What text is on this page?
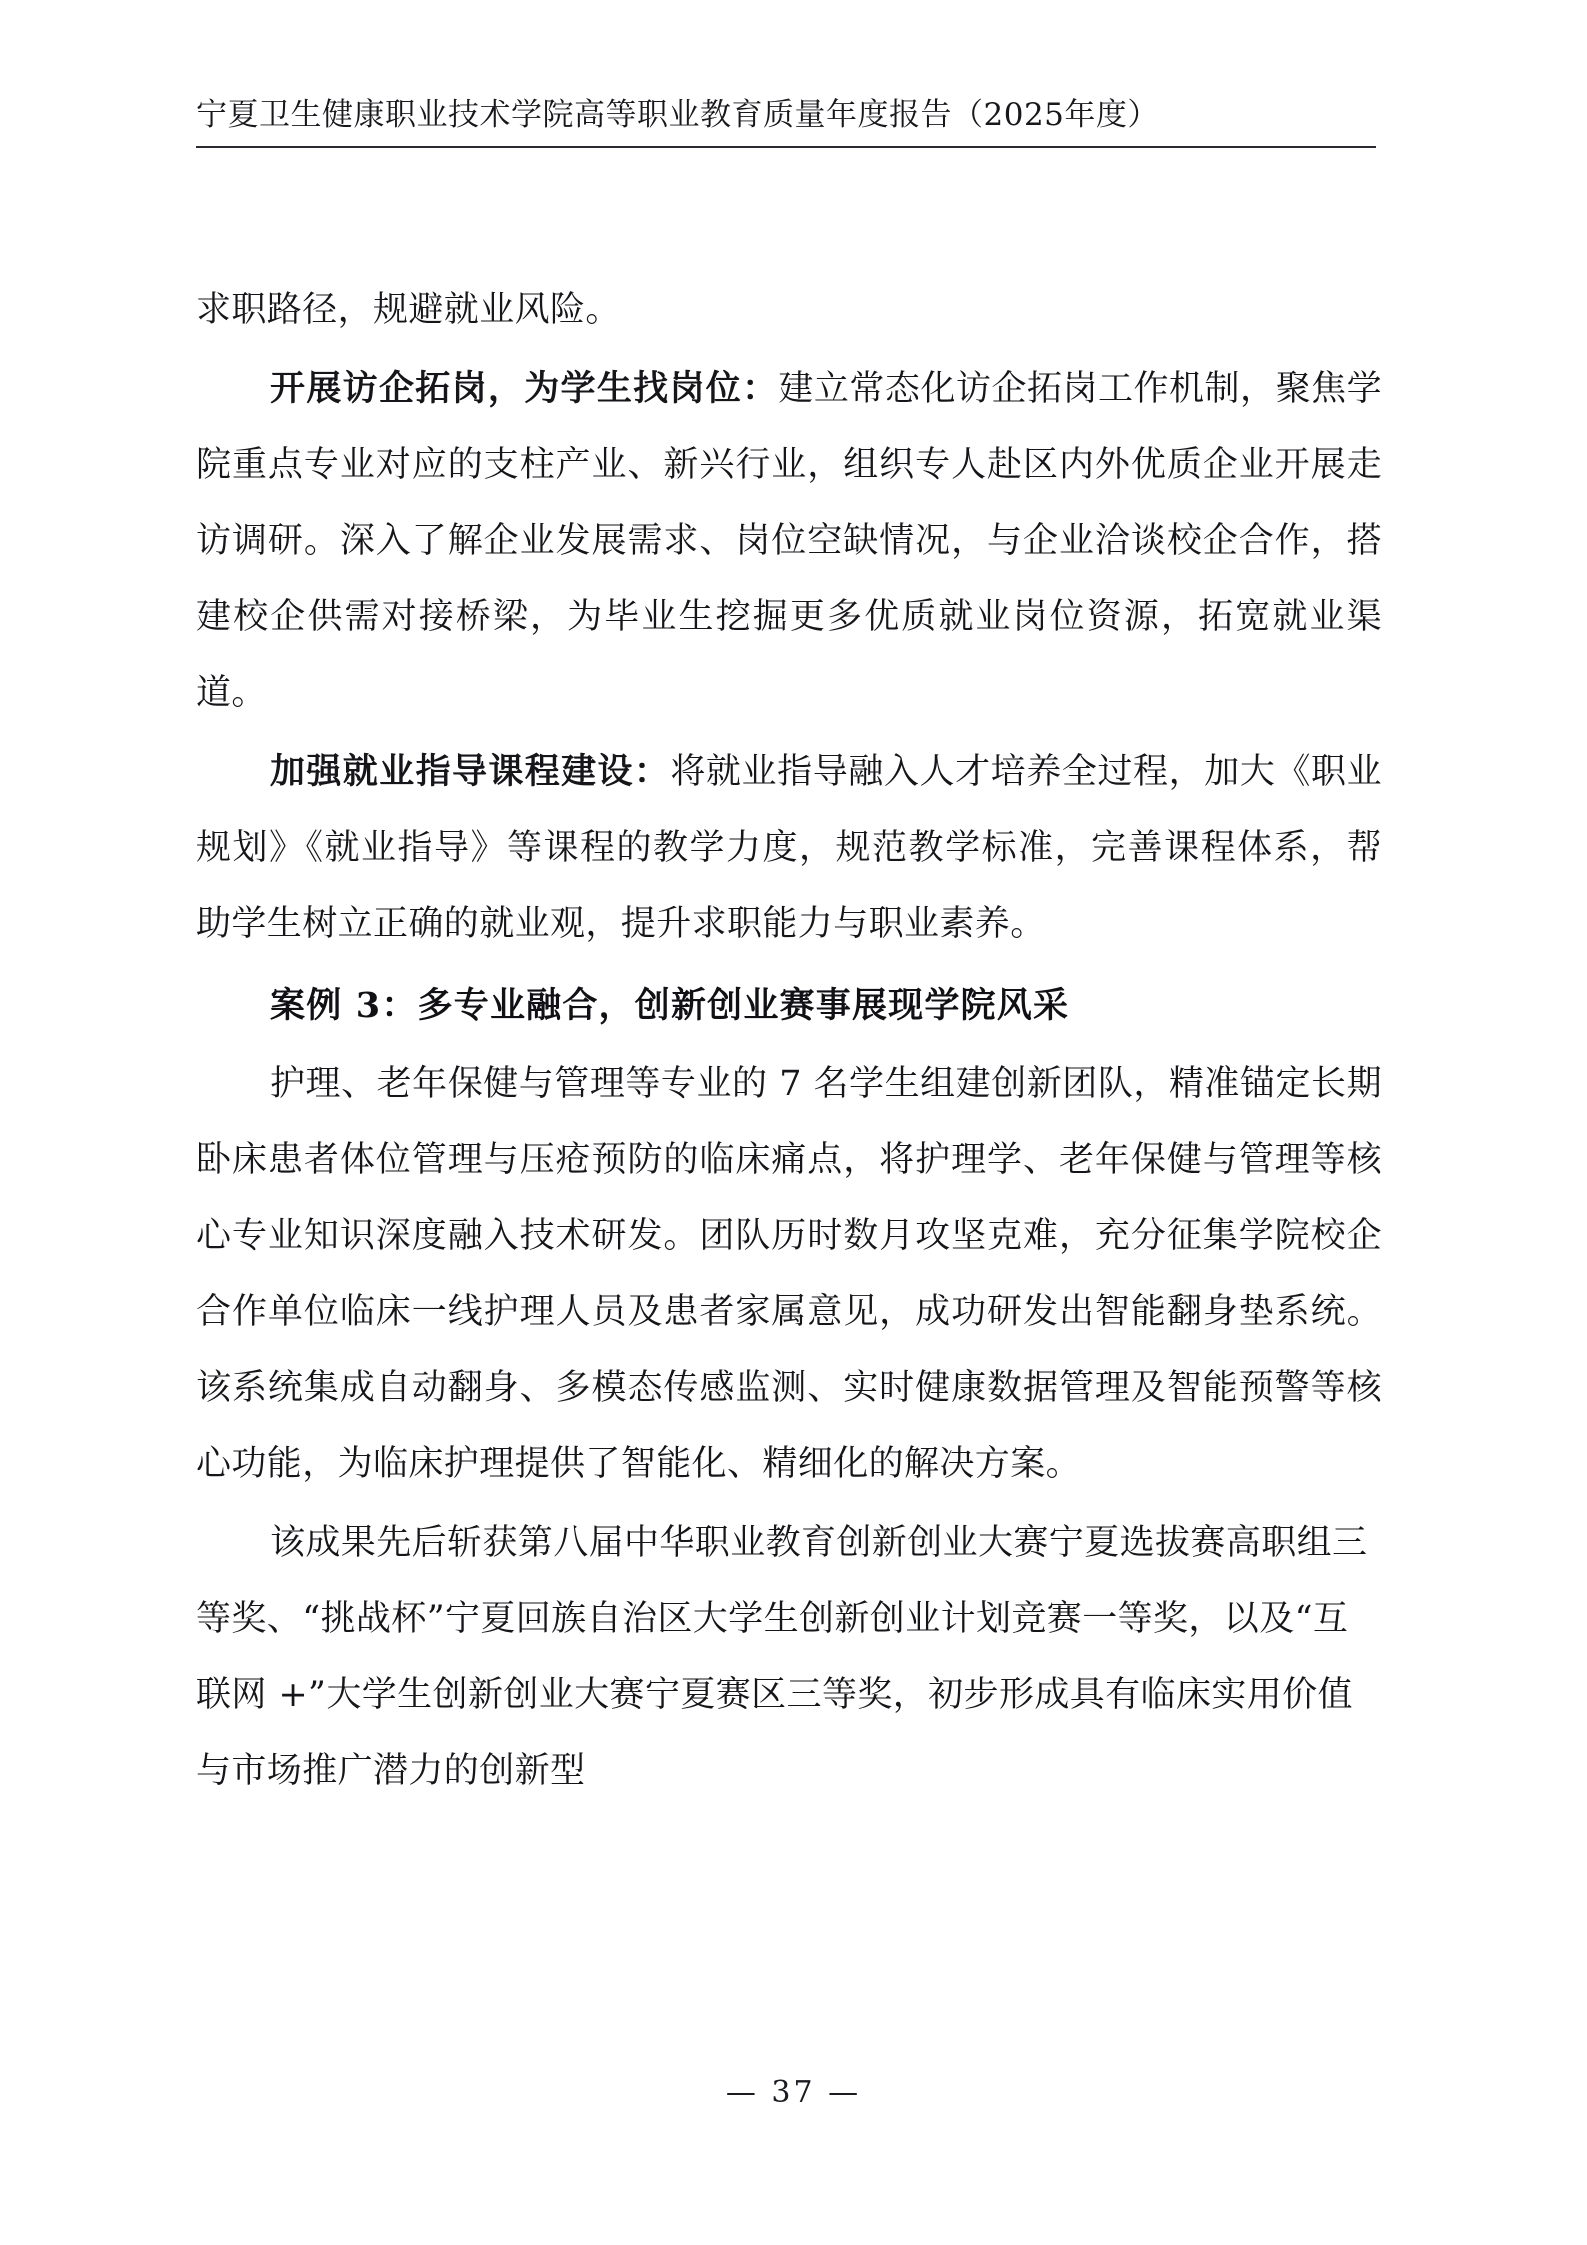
宁夏卫生健康职业技术学院高等职业教育质量年度报告（2025年度）

求职路径，规避就业风险。

开展访企拓岗，为学生找岗位：建立常态化访企拓岗工作机制，聚焦学院重点专业对应的支柱产业、新兴行业，组织专人赴区内外优质企业开展走访调研。深入了解企业发展需求、岗位空缺情况，与企业洽谈校企合作，搭建校企供需对接桥梁，为毕业生挖掘更多优质就业岗位资源，拓宽就业渠道。

加强就业指导课程建设：将就业指导融入人才培养全过程，加大《职业规划》《就业指导》等课程的教学力度，规范教学标准，完善课程体系，帮助学生树立正确的就业观，提升求职能力与职业素养。

案例 3：多专业融合，创新创业赛事展现学院风采

护理、老年保健与管理等专业的 7 名学生组建创新团队，精准锚定长期卧床患者体位管理与压疮预防的临床痛点，将护理学、老年保健与管理等核心专业知识深度融入技术研发。团队历时数月攻坚克难，充分征集学院校企合作单位临床一线护理人员及患者家属意见，成功研发出智能翻身垫系统。该系统集成自动翻身、多模态传感监测、实时健康数据管理及智能预警等核心功能，为临床护理提供了智能化、精细化的解决方案。

该成果先后斩获第八届中华职业教育创新创业大赛宁夏选拔赛高职组三等奖、“挑战杯”宁夏回族自治区大学生创新创业计划竞赛一等奖，以及“互联网 +”大学生创新创业大赛宁夏赛区三等奖，初步形成具有临床实用价值与市场推广潜力的创新型

— 37 —
